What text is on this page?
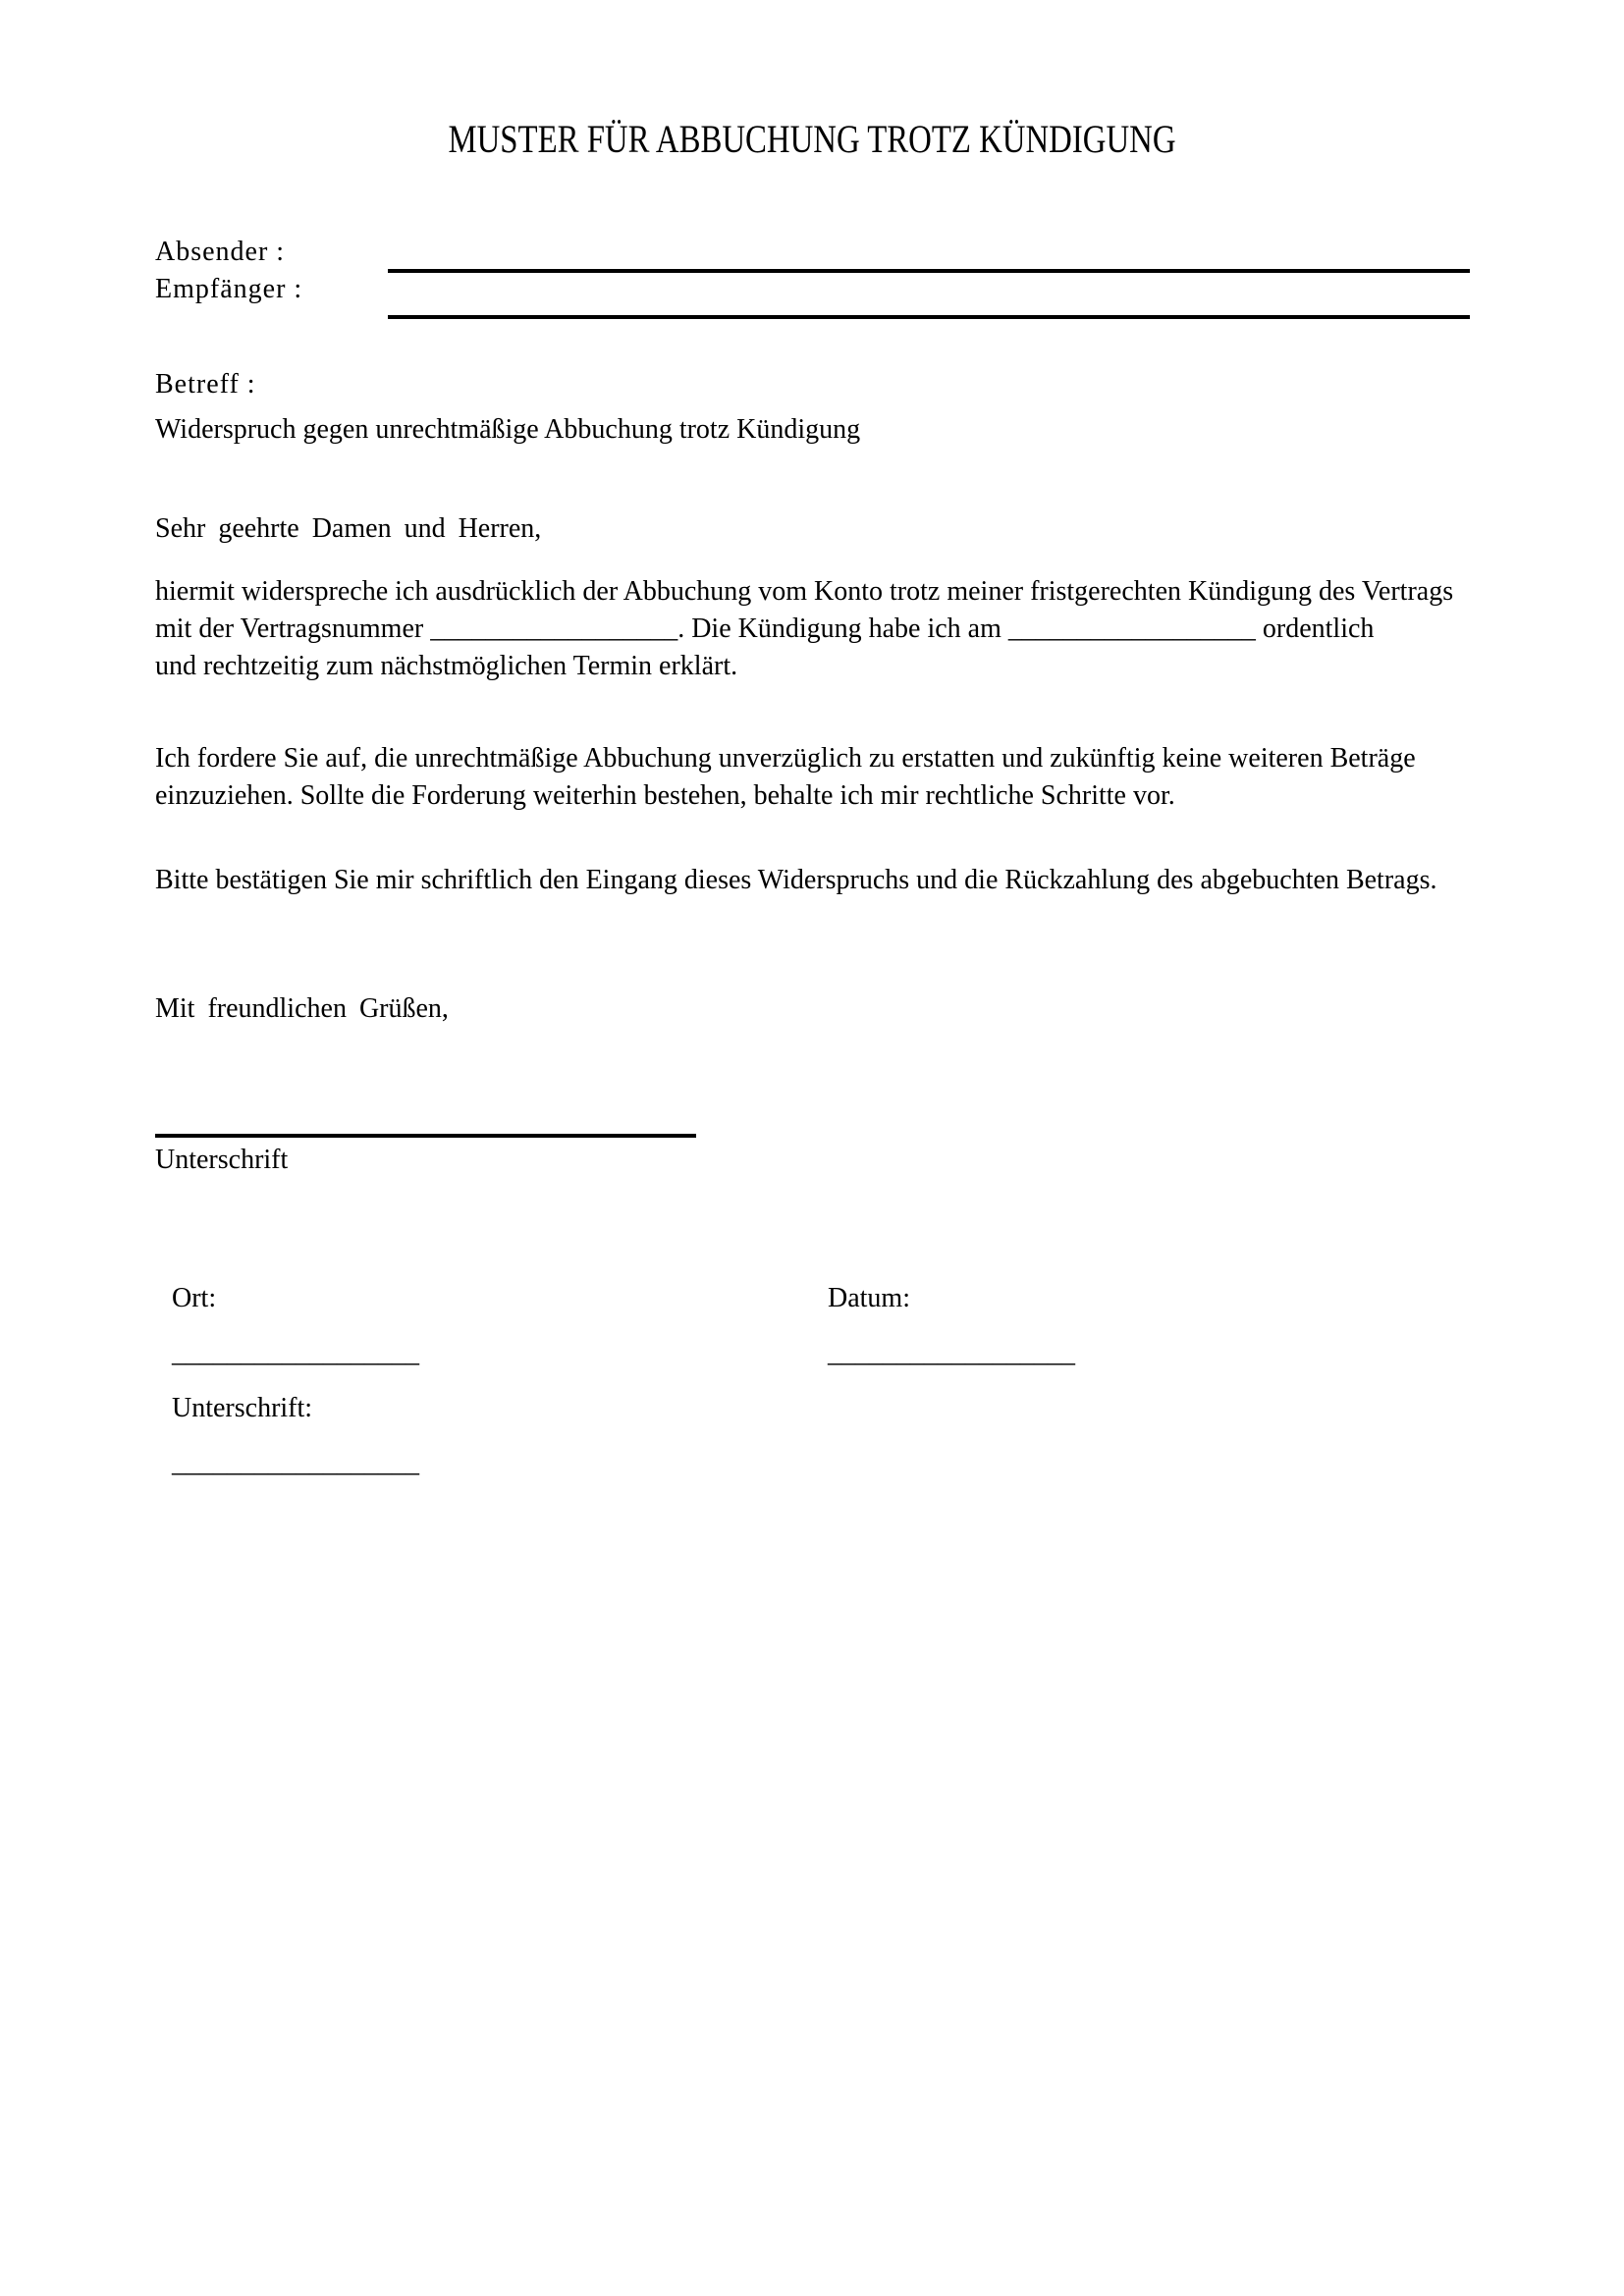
MUSTER FÜR ABBUCHUNG TROTZ KÜNDIGUNG
Absender :
Empfänger :
Betreff :
Widerspruch gegen unrechtmäßige Abbuchung trotz Kündigung
Sehr geehrte Damen und Herren,
hiermit widerspreche ich ausdrücklich der Abbuchung vom Konto trotz meiner fristgerechten Kündigung des Vertrags
mit der Vertragsnummer __________________. Die Kündigung habe ich am __________________ ordentlich
und rechtzeitig zum nächstmöglichen Termin erklärt.
Ich fordere Sie auf, die unrechtmäßige Abbuchung unverzüglich zu erstatten und zukünftig keine weiteren Beträge
einzuziehen. Sollte die Forderung weiterhin bestehen, behalte ich mir rechtliche Schritte vor.
Bitte bestätigen Sie mir schriftlich den Eingang dieses Widerspruchs und die Rückzahlung des abgebuchten Betrags.
Mit freundlichen Grüßen,
Unterschrift
Ort:	Datum:
__________________	__________________
Unterschrift:
__________________
